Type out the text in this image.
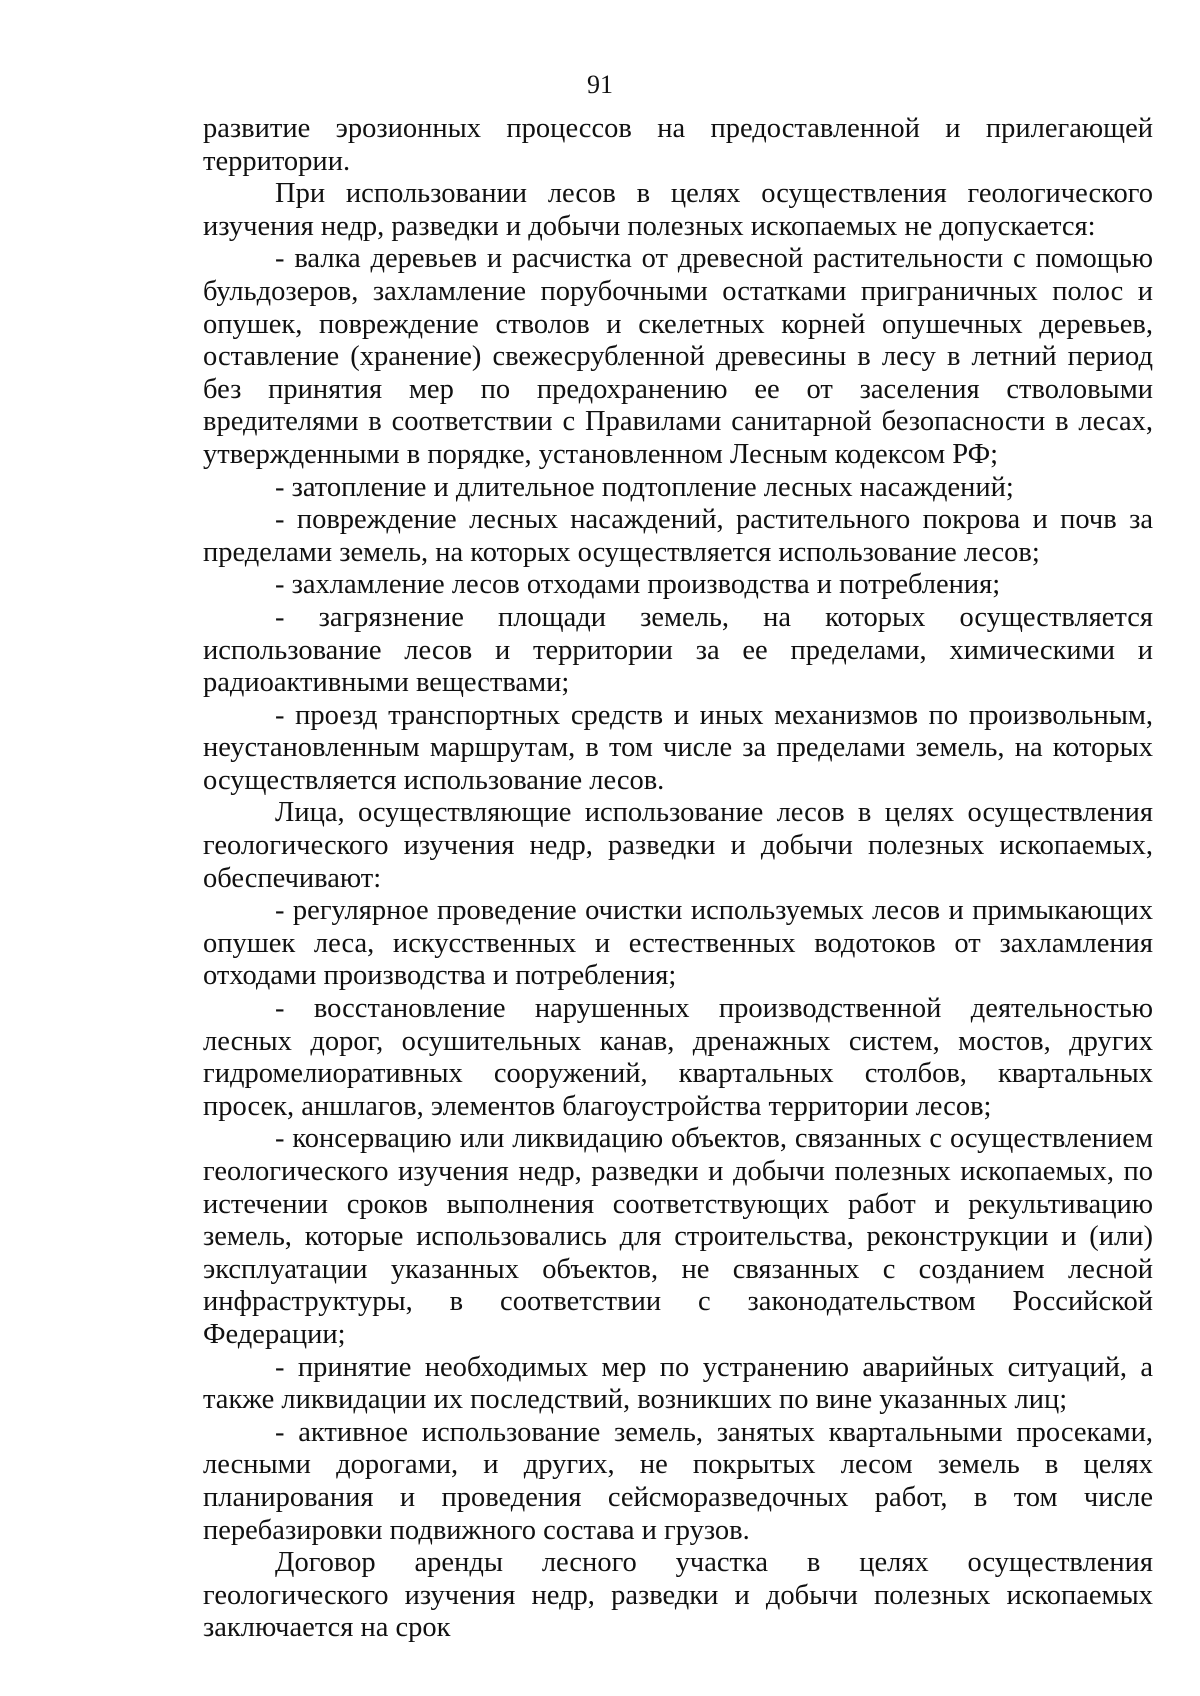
91

развитие эрозионных процессов на предоставленной и прилегающей территории.

При использовании лесов в целях осуществления геологического изучения недр, разведки и добычи полезных ископаемых не допускается:

- валка деревьев и расчистка от древесной растительности с помощью бульдозеров, захламление порубочными остатками приграничных полос и опушек, повреждение стволов и скелетных корней опушечных деревьев, оставление (хранение) свежесрубленной древесины в лесу в летний период без принятия мер по предохранению ее от заселения стволовыми вредителями в соответствии с Правилами санитарной безопасности в лесах, утвержденными в порядке, установленном Лесным кодексом РФ;

- затопление и длительное подтопление лесных насаждений;

- повреждение лесных насаждений, растительного покрова и почв за пределами земель, на которых осуществляется использование лесов;

- захламление лесов отходами производства и потребления;

- загрязнение площади земель, на которых осуществляется использование лесов и территории за ее пределами, химическими и радиоактивными веществами;

- проезд транспортных средств и иных механизмов по произвольным, неустановленным маршрутам, в том числе за пределами земель, на которых осуществляется использование лесов.

Лица, осуществляющие использование лесов в целях осуществления геологического изучения недр, разведки и добычи полезных ископаемых, обеспечивают:

- регулярное проведение очистки используемых лесов и примыкающих опушек леса, искусственных и естественных водотоков от захламления отходами производства и потребления;

- восстановление нарушенных производственной деятельностью лесных дорог, осушительных канав, дренажных систем, мостов, других гидромелиоративных сооружений, квартальных столбов, квартальных просек, аншлагов, элементов благоустройства территории лесов;

- консервацию или ликвидацию объектов, связанных с осуществлением геологического изучения недр, разведки и добычи полезных ископаемых, по истечении сроков выполнения соответствующих работ и рекультивацию земель, которые использовались для строительства, реконструкции и (или) эксплуатации указанных объектов, не связанных с созданием лесной инфраструктуры, в соответствии с законодательством Российской Федерации;

- принятие необходимых мер по устранению аварийных ситуаций, а также ликвидации их последствий, возникших по вине указанных лиц;

- активное использование земель, занятых квартальными просеками, лесными дорогами, и других, не покрытых лесом земель в целях планирования и проведения сейсморазведочных работ, в том числе перебазировки подвижного состава и грузов.

Договор аренды лесного участка в целях осуществления геологического изучения недр, разведки и добычи полезных ископаемых заключается на срок
